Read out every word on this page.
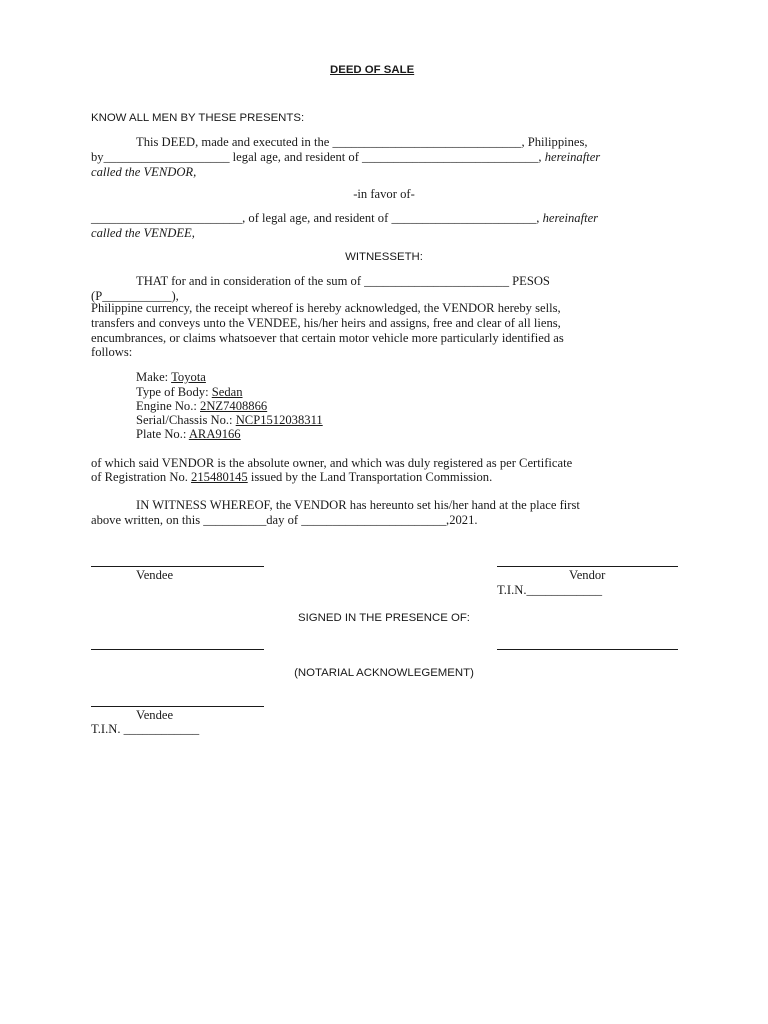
DEED OF SALE
KNOW ALL MEN BY THESE PRESENTS:
This DEED, made and executed in the ______________________________, Philippines,
by____________________ legal age, and resident of ____________________________, hereinafter
called the VENDOR,
-in favor of-
________________________, of legal age, and resident of _______________________, hereinafter
called the VENDEE,
WITNESSETH:
THAT for and in consideration of the sum of _______________________ PESOS
(P___________),
Philippine currency, the receipt whereof is hereby acknowledged, the VENDOR hereby sells,
transfers and conveys unto the VENDEE, his/her heirs and assigns, free and clear of all liens,
encumbrances, or claims whatsoever that certain motor vehicle more particularly identified as
follows:
Make: Toyota
Type of Body: Sedan
Engine No.: 2NZ7408866
Serial/Chassis No.: NCP1512038311
Plate No.: ARA9166
of which said VENDOR is the absolute owner, and which was duly registered as per Certificate
of Registration No. 215480145 issued by the Land Transportation Commission.
IN WITNESS WHEREOF, the VENDOR has hereunto set his/her hand at the place first
above written, on this __________day of _______________________,2021.
Vendee	Vendor
T.I.N.____________
SIGNED IN THE PRESENCE OF:
(NOTARIAL ACKNOWLEGEMENT)
Vendee
T.I.N. ____________
